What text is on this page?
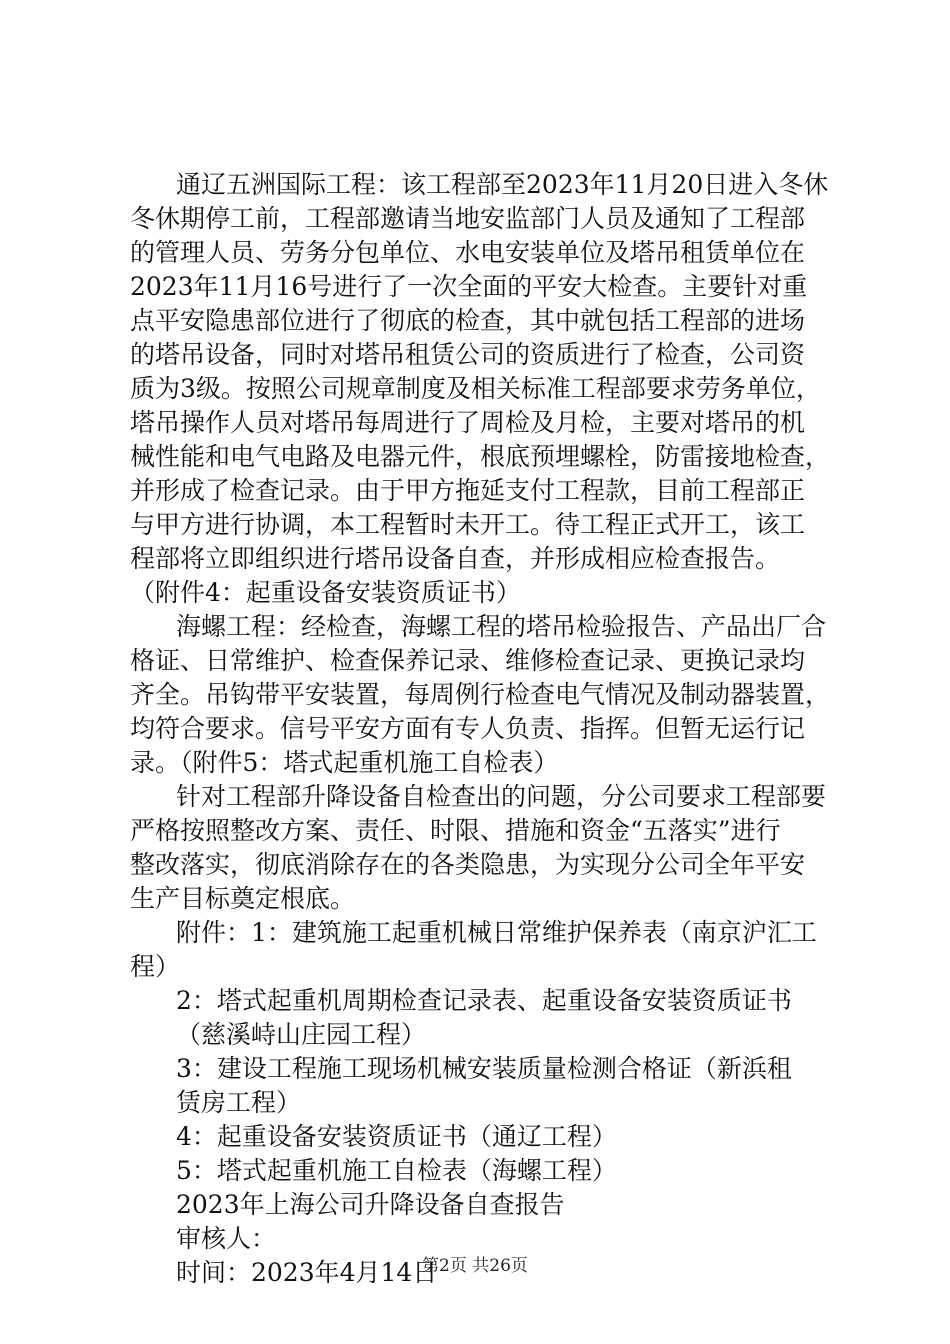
通辽五洲国际工程：该工程部至2023年11月20日进入冬休
冬休期停工前，工程部邀请当地安监部门人员及通知了工程部
的管理人员、劳务分包单位、水电安装单位及塔吊租赁单位在
2023年11月16号进行了一次全面的平安大检查。主要针对重
点平安隐患部位进行了彻底的检查，其中就包括工程部的进场
的塔吊设备，同时对塔吊租赁公司的资质进行了检查，公司资
质为3级。按照公司规章制度及相关标准工程部要求劳务单位，
塔吊操作人员对塔吊每周进行了周检及月检，主要对塔吊的机
械性能和电气电路及电器元件，根底预埋螺栓，防雷接地检查，
并形成了检查记录。由于甲方拖延支付工程款，目前工程部正
与甲方进行协调，本工程暂时未开工。待工程正式开工，该工
程部将立即组织进行塔吊设备自查，并形成相应检查报告。
（附件4：起重设备安装资质证书）
海螺工程：经检查，海螺工程的塔吊检验报告、产品出厂合
格证、日常维护、检查保养记录、维修检查记录、更换记录均
齐全。吊钩带平安装置，每周例行检查电气情况及制动器装置，
均符合要求。信号平安方面有专人负责、指挥。但暂无运行记
录。（附件5：塔式起重机施工自检表）
针对工程部升降设备自检查出的问题，分公司要求工程部要
严格按照整改方案、责任、时限、措施和资金“五落实”进行
整改落实，彻底消除存在的各类隐患，为实现分公司全年平安
生产目标奠定根底。
附件：1：建筑施工起重机械日常维护保养表（南京沪汇工
程）
2：塔式起重机周期检查记录表、起重设备安装资质证书
（慈溪峙山庄园工程）
3：建设工程施工现场机械安装质量检测合格证（新浜租
赁房工程）
4：起重设备安装资质证书（通辽工程）
5：塔式起重机施工自检表（海螺工程）
2023年上海公司升降设备自查报告
审核人：
时间：2023年4月14日
第2页 共26页
